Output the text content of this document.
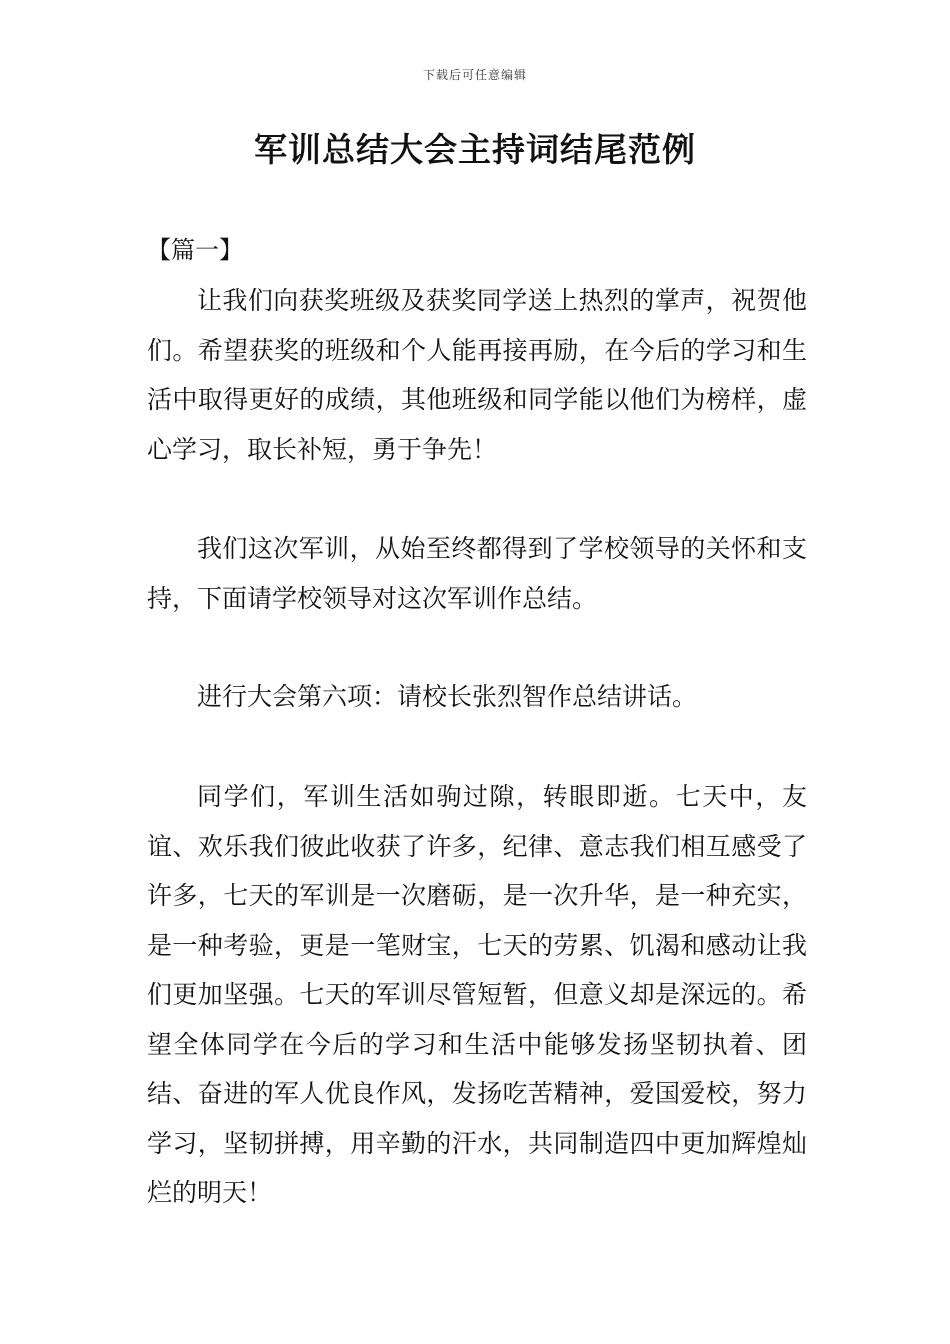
下载后可任意编辑
军训总结大会主持词结尾范例
【篇一】

让我们向获奖班级及获奖同学送上热烈的掌声，祝贺他们。希望获奖的班级和个人能再接再励，在今后的学习和生活中取得更好的成绩，其他班级和同学能以他们为榜样，虚心学习，取长补短，勇于争先！

我们这次军训，从始至终都得到了学校领导的关怀和支持，下面请学校领导对这次军训作总结。

进行大会第六项：请校长张烈智作总结讲话。

同学们，军训生活如驹过隙，转眼即逝。七天中，友谊、欢乐我们彼此收获了许多，纪律、意志我们相互感受了许多，七天的军训是一次磨砺，是一次升华，是一种充实，是一种考验，更是一笔财宝，七天的劳累、饥渴和感动让我们更加坚强。七天的军训尽管短暂，但意义却是深远的。希望全体同学在今后的学习和生活中能够发扬坚韧执着、团结、奋进的军人优良作风，发扬吃苦精神，爱国爱校，努力学习，坚韧拼搏，用辛勤的汗水，共同制造四中更加辉煌灿烂的明天！
